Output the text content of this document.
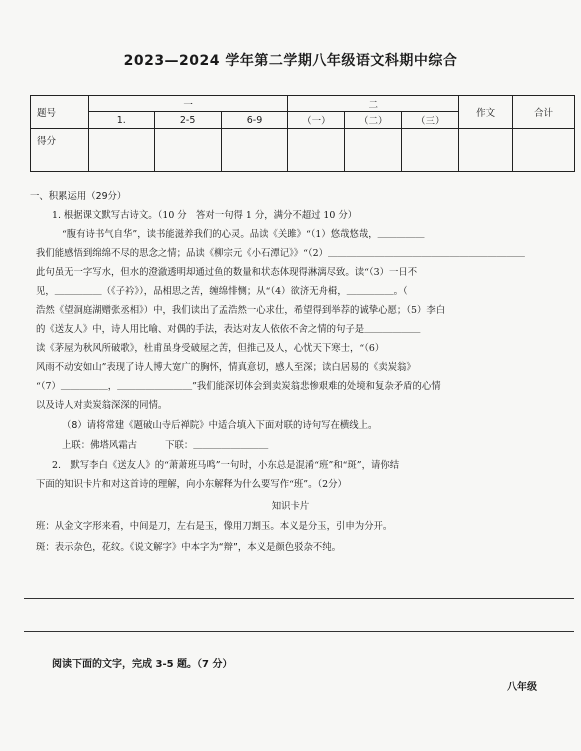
2023—2024 学年第二学期八年级语文科期中综合
题号	一			二			作文	合计
	1.	2-5	6-9	（一）	（二）	（三）		
得分								
一、积累运用（29分）
1. 根据课文默写古诗文。（10 分　答对一句得 1 分，满分不超过 10 分）
“腹有诗书气自华”，读书能滋养我们的心灵。品读《关雎》“（1）悠哉悠哉，＿＿＿＿＿
我们能感悟到绵绵不尽的思念之情；品读《柳宗元《小石潭记》》“（2）＿＿＿＿＿＿＿＿＿＿＿＿＿＿＿＿＿＿＿＿＿
此句虽无一字写水，但水的澄澈透明却通过鱼的数量和状态体现得淋漓尽致。读“（3）一日不
见，＿＿＿＿＿（《子衿》），品相思之苦，缠绵悱恻；从“（4）欲济无舟楫，＿＿＿＿＿。（
浩然《望洞庭湖赠张丞相》）中，我们读出了孟浩然一心求仕，希望得到举荐的诚挚心愿；（5）李白
的《送友人》中，诗人用比喻、对偶的手法，表达对友人依依不舍之情的句子是＿＿＿＿＿＿
读《茅屋为秋风所破歌》，杜甫虽身受破屋之苦，但推己及人，心忧天下寒士，“（6）
风雨不动安如山”表现了诗人博大宽广的胸怀，情真意切，感人至深；读白居易的《卖炭翁》
“（7）＿＿＿＿＿，＿＿＿＿＿＿＿＿”我们能深切体会到卖炭翁悲惨艰难的处境和复杂矛盾的心情
以及诗人对卖炭翁深深的同情。
（8）请将常建《题破山寺后禅院》中适合填入下面对联的诗句写在横线上。
上联：佛塔风霜古　　　下联：＿＿＿＿＿＿＿＿
2.　默写李白《送友人》的“萧萧班马鸣”一句时，小东总是混淆“班”和“斑”，请你结
下面的知识卡片和对这首诗的理解，向小东解释为什么要写作“班”。（2分）
知识卡片
班：从金文字形来看，中间是刀，左右是玉，像用刀割玉。本义是分玉，引申为分开。
斑：表示杂色，花纹。《说文解字》中本字为“辩”，本义是颜色驳杂不纯。
阅读下面的文字，完成 3-5 题。（7 分）
八年级
